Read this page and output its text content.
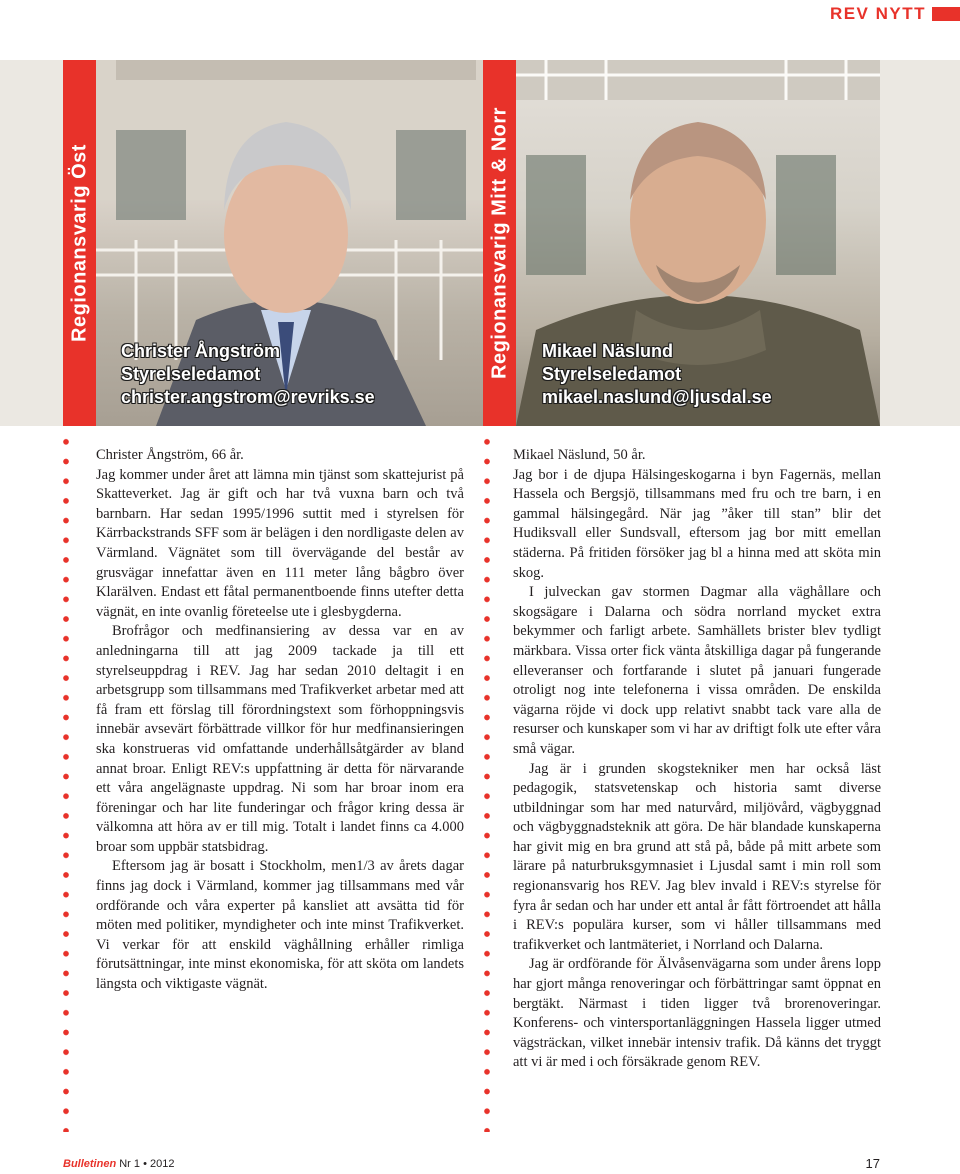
REV NYTT
Regionansvarig Öst	Regionansvarig Mitt & Norr
Christer Ångström
Styrelseledamot
christer.angstrom@revriks.se
Mikael Näslund
Styrelseledamot
mikael.naslund@ljusdal.se

Christer Ångström, 66 år.

Jag kommer under året att lämna min tjänst som skattejurist på Skatteverket. Jag är gift och har två vuxna barn och två barnbarn. Har sedan 1995/1996 suttit med i styrelsen för Kärrbackstrands SFF som är belägen i den nordligaste delen av Värmland. Vägnätet som till övervägande del består av grusvägar innefattar även en 111 meter lång bågbro över Klarälven. Endast ett fåtal permanentboende finns utefter detta vägnät, en inte ovanlig företeelse ute i glesbygderna.

Brofrågor och medfinansiering av dessa var en av anledningarna till att jag 2009 tackade ja till ett styrelseuppdrag i REV. Jag har sedan 2010 deltagit i en arbetsgrupp som tillsammans med Trafikverket arbetar med att få fram ett förslag till förordningstext som förhoppningsvis innebär avsevärt förbättrade villkor för hur medfinansieringen ska konstrueras vid omfattande underhållsåtgärder av bland annat broar. Enligt REV:s uppfattning är detta för närvarande ett våra angelägnaste uppdrag. Ni som har broar inom era föreningar och har lite funderingar och frågor kring dessa är välkomna att höra av er till mig. Totalt i landet finns ca 4.000 broar som uppbär statsbidrag.

Eftersom jag är bosatt i Stockholm, men1/3 av årets dagar finns jag dock i Värmland, kommer jag tillsammans med vår ordförande och våra experter på kansliet att avsätta tid för möten med politiker, myndigheter och inte minst Trafikverket. Vi verkar för att enskild väghållning erhåller rimliga förutsättningar, inte minst ekonomiska, för att sköta om landets längsta och viktigaste vägnät.

Mikael Näslund, 50 år.

Jag bor i de djupa Hälsingeskogarna i byn Fagernäs, mellan Hassela och Bergsjö, tillsammans med fru och tre barn, i en gammal hälsingegård. När jag ”åker till stan” blir det Hudiksvall eller Sundsvall, eftersom jag bor mitt emellan städerna. På fritiden försöker jag bl a hinna med att sköta min skog.

I julveckan gav stormen Dagmar alla väghållare och skogsägare i Dalarna och södra norrland mycket extra bekymmer och farligt arbete. Samhällets brister blev tydligt märkbara. Vissa orter fick vänta åtskilliga dagar på fungerande elleveranser och fortfarande i slutet på januari fungerade otroligt nog inte telefonerna i vissa områden. De enskilda vägarna röjde vi dock upp relativt snabbt tack vare alla de resurser och kunskaper som vi har av driftigt folk ute efter våra små vägar.

Jag är i grunden skogstekniker men har också läst pedagogik, statsvetenskap och historia samt diverse utbildningar som har med naturvård, miljövård, vägbyggnad och vägbyggnadsteknik att göra. De här blandade kunskaperna har givit mig en bra grund att stå på, både på mitt arbete som lärare på naturbruksgymnasiet i Ljusdal samt i min roll som regionansvarig hos REV. Jag blev invald i REV:s styrelse för fyra år sedan och har under ett antal år fått förtroendet att hålla i REV:s populära kurser, som vi håller tillsammans med trafikverket och lantmäteriet, i Norrland och Dalarna.

Jag är ordförande för Älvåsenvägarna som under årens lopp har gjort många renoveringar och förbättringar samt öppnat en bergtäkt. Närmast i tiden ligger två brorenoveringar. Konferens- och vintersportanläggningen Hassela ligger utmed vägsträckan, vilket innebär intensiv trafik. Då känns det tryggt att vi är med i och försäkrade genom REV.

Bulletinen Nr 1 • 2012	17
